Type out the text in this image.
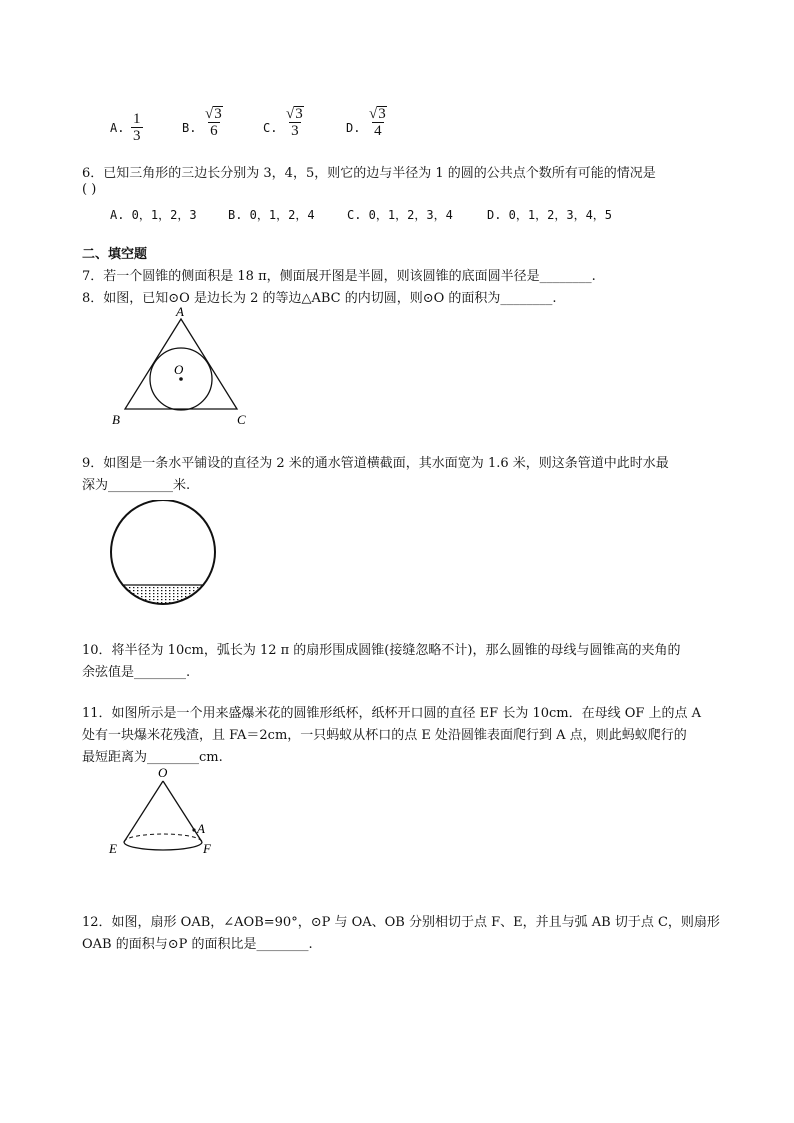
A. $\frac{1}{3}$	B. $\frac{√ 3}{6}$	C. $\frac{√ 3}{3}$	D. $\frac{√ 3}{4}$
6．已知三角形的三边长分别为 3，4，5，则它的边与半径为 1 的圆的公共点个数所有可能的情况是
( )
A. 0，1，2，3	B. 0，1，2，4	C. 0，1，2，3，4	D. 0，1，2，3，4，5
二、填空题
7．若一个圆锥的侧面积是 18 π，侧面展开图是半圆，则该圆锥的底面圆半径是________.
8．如图，已知⊙O 是边长为 2 的等边△ABC 的内切圆，则⊙O 的面积为________.
A
B	C
O
9．如图是一条水平铺设的直径为 2 米的通水管道横截面，其水面宽为 1.6 米，则这条管道中此时水最
深为__________米.
10．将半径为 10cm，弧长为 12 π 的扇形围成圆锥(接缝忽略不计)，那么圆锥的母线与圆锥高的夹角的
余弦值是________.
11．如图所示是一个用来盛爆米花的圆锥形纸杯，纸杯开口圆的直径 EF 长为 10cm．在母线 OF 上的点 A
处有一块爆米花残渣，且 FA＝2cm，一只蚂蚁从杯口的点 E 处沿圆锥表面爬行到 A 点，则此蚂蚁爬行的
最短距离为________cm.
O
A
E	F
12．如图，扇形 OAB，∠AOB=90°，⊙P 与 OA、OB 分别相切于点 F、E，并且与弧 AB 切于点 C，则扇形
OAB 的面积与⊙P 的面积比是________.
